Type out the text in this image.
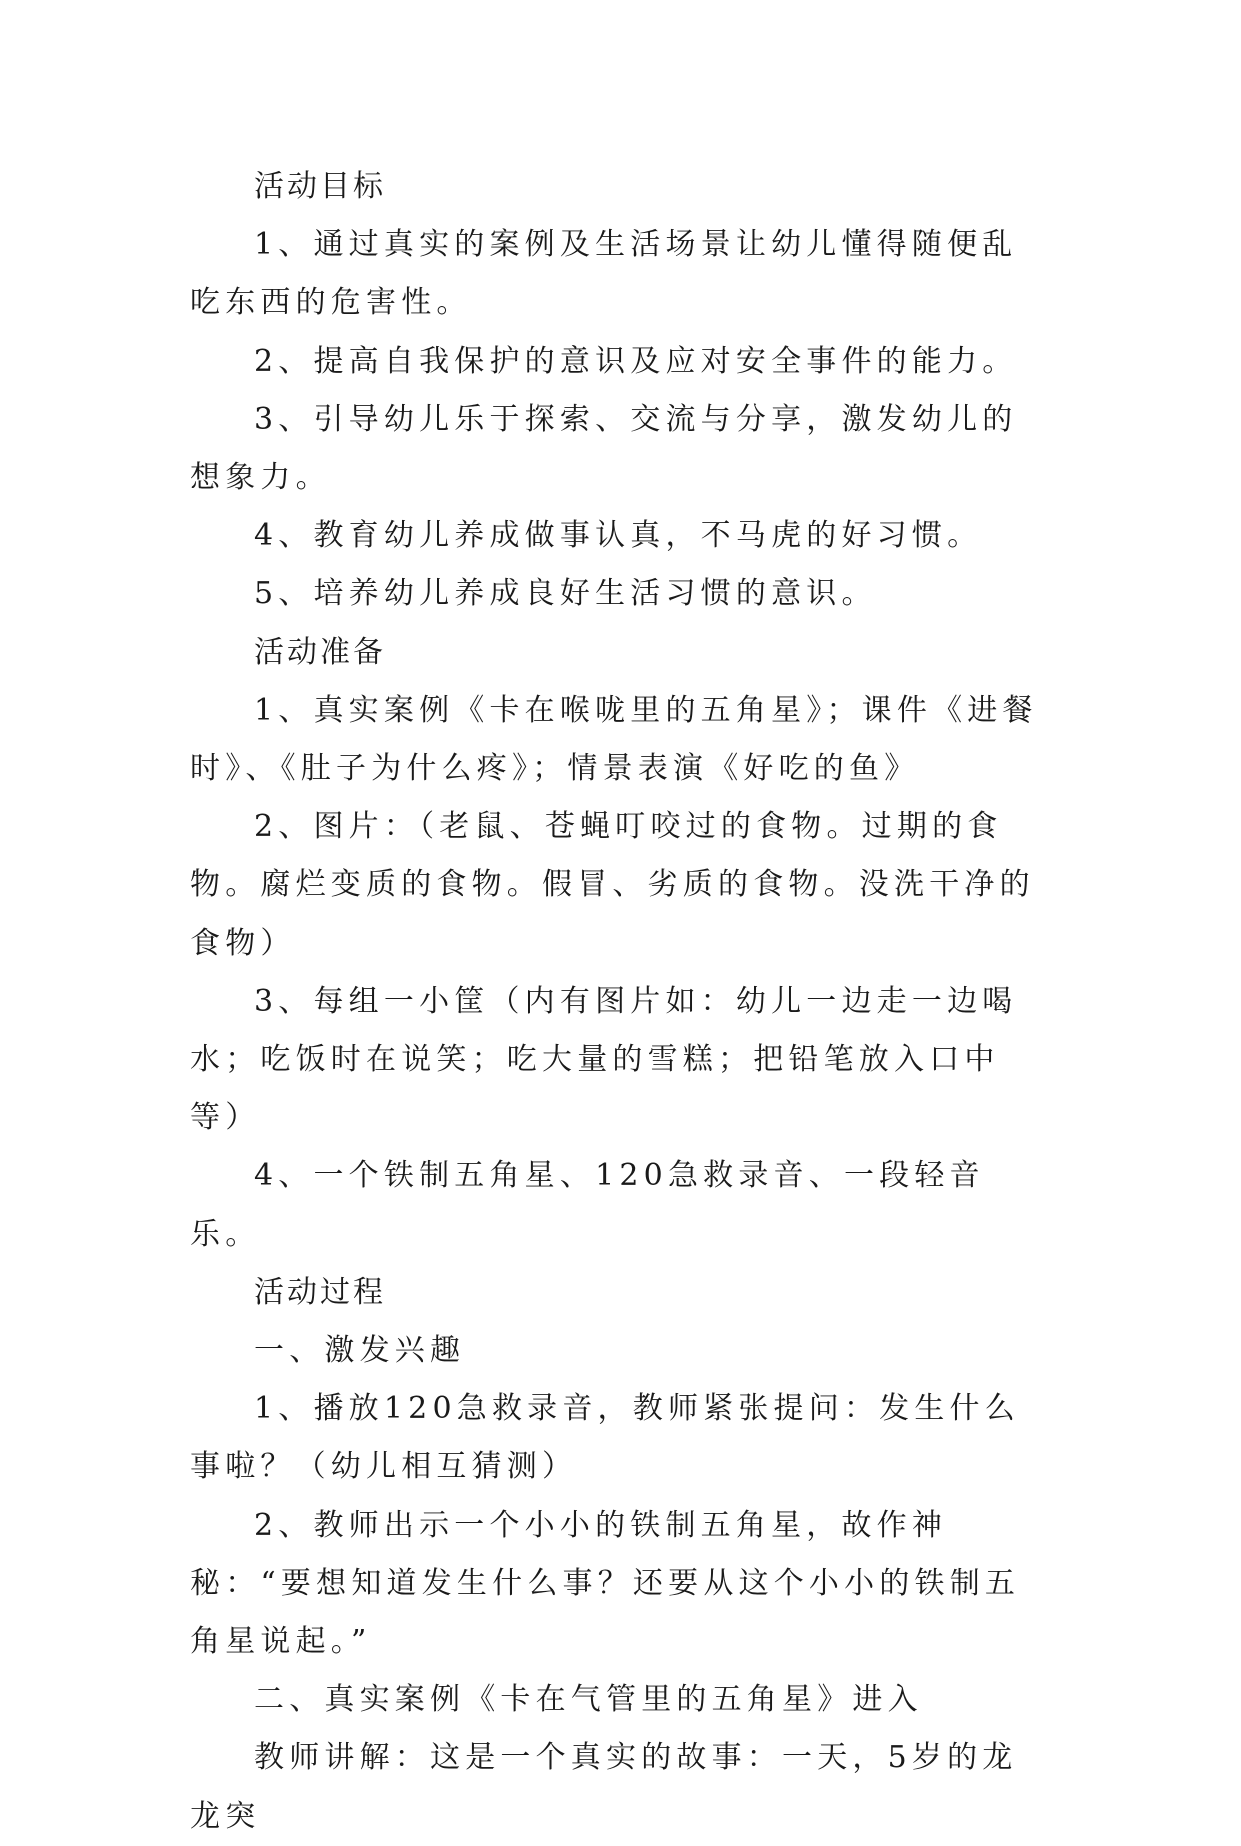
活动目标

1、通过真实的案例及生活场景让幼儿懂得随便乱吃东西的危害性。

2、提高自我保护的意识及应对安全事件的能力。

3、引导幼儿乐于探索、交流与分享，激发幼儿的想象力。

4、教育幼儿养成做事认真，不马虎的好习惯。

5、培养幼儿养成良好生活习惯的意识。

活动准备

1、真实案例《卡在喉咙里的五角星》；课件《进餐时》、《肚子为什么疼》；情景表演《好吃的鱼》

2、图片：（老鼠、苍蝇叮咬过的食物。过期的食物。腐烂变质的食物。假冒、劣质的食物。没洗干净的食物）

3、每组一小筐（内有图片如：幼儿一边走一边喝水；吃饭时在说笑；吃大量的雪糕；把铅笔放入口中等）

4、一个铁制五角星、120急救录音、一段轻音乐。

活动过程

一、激发兴趣

1、播放120急救录音，教师紧张提问：发生什么事啦？（幼儿相互猜测）

2、教师出示一个小小的铁制五角星，故作神秘：“要想知道发生什么事？还要从这个小小的铁制五角星说起。”

二、真实案例《卡在气管里的五角星》进入

教师讲解：这是一个真实的故事：一天，5岁的龙龙突
